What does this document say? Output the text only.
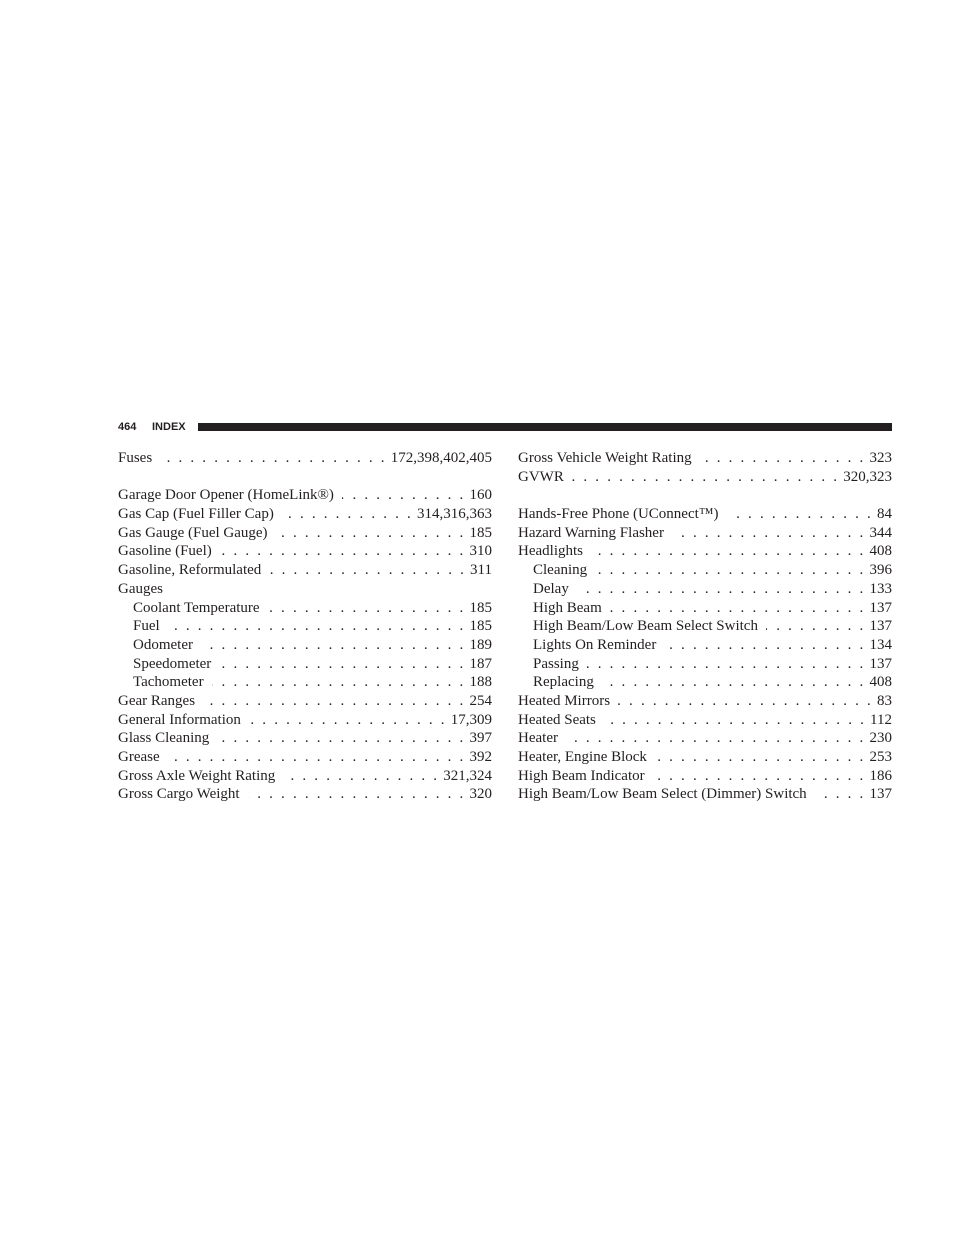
464 INDEX
Fuses . . .	172,398,402,405
Garage Door Opener (HomeLink®) . . .	160
Gas Cap (Fuel Filler Cap) . . .	314,316,363
Gas Gauge (Fuel Gauge) . . .	185
Gasoline (Fuel) . . .	310
Gasoline, Reformulated . . .	311
Gauges
Coolant Temperature . . .	185
Fuel . . .	185
Odometer . . .	189
Speedometer . . .	187
Tachometer . . .	188
Gear Ranges . . .	254
General Information . . .	17,309
Glass Cleaning . . .	397
Grease . . .	392
Gross Axle Weight Rating . . .	321,324
Gross Cargo Weight . . .	320
Gross Vehicle Weight Rating . . .	323
GVWR . . .	320,323
Hands-Free Phone (UConnect™) . . .	84
Hazard Warning Flasher . . .	344
Headlights . . .	408
Cleaning . . .	396
Delay . . .	133
High Beam . . .	137
High Beam/Low Beam Select Switch . . .	137
Lights On Reminder . . .	134
Passing . . .	137
Replacing . . .	408
Heated Mirrors . . .	83
Heated Seats . . .	112
Heater . . .	230
Heater, Engine Block . . .	253
High Beam Indicator . . .	186
High Beam/Low Beam Select (Dimmer) Switch . . .	137
